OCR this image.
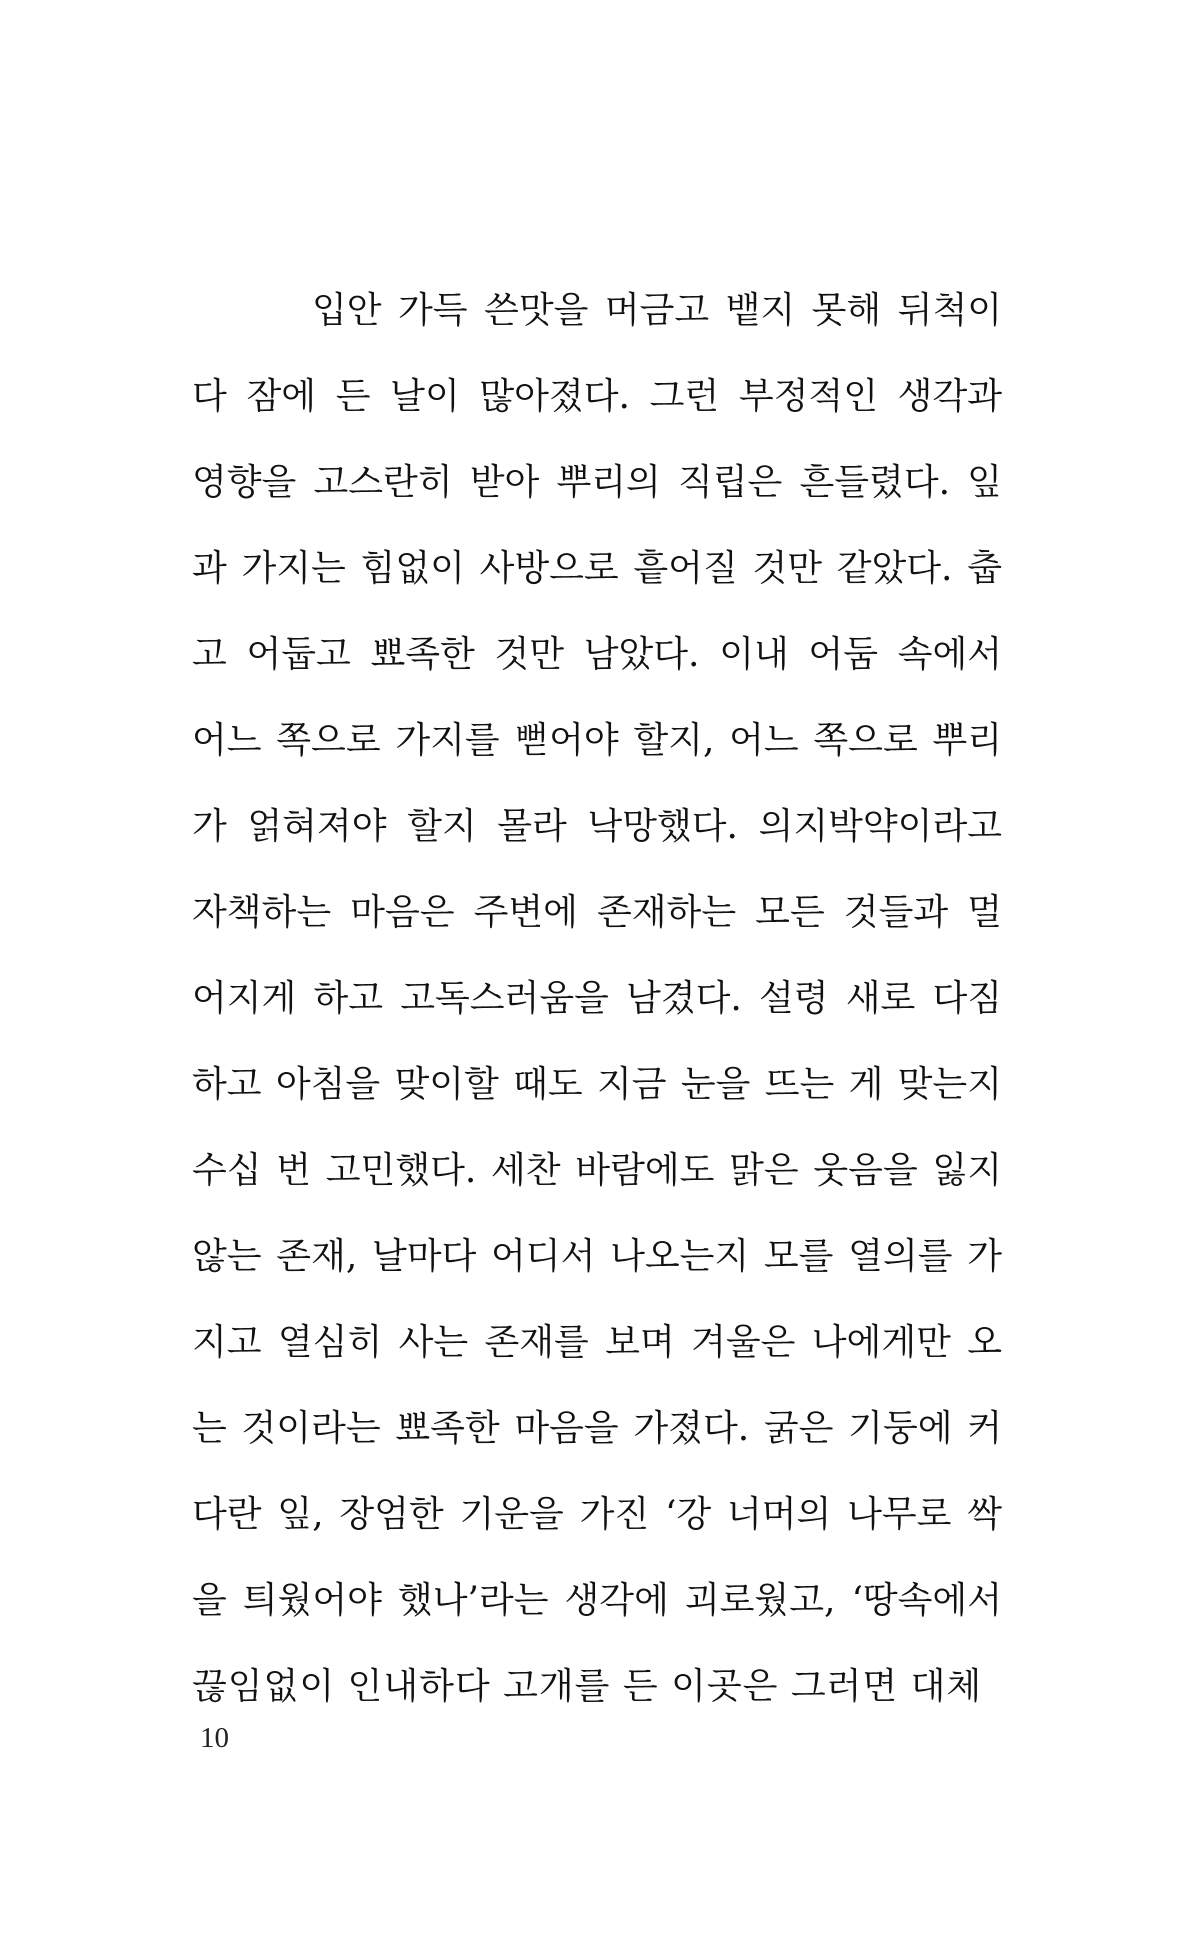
입안 가득 쓴맛을 머금고 뱉지 못해 뒤척이
다 잠에 든 날이 많아졌다. 그런 부정적인 생각과
영향을 고스란히 받아 뿌리의 직립은 흔들렸다. 잎
과 가지는 힘없이 사방으로 흩어질 것만 같았다. 춥
고 어둡고 뾰족한 것만 남았다. 이내 어둠 속에서
어느 쪽으로 가지를 뻗어야 할지, 어느 쪽으로 뿌리
가 얽혀져야 할지 몰라 낙망했다. 의지박약이라고
자책하는 마음은 주변에 존재하는 모든 것들과 멀
어지게 하고 고독스러움을 남겼다. 설령 새로 다짐
하고 아침을 맞이할 때도 지금 눈을 뜨는 게 맞는지
수십 번 고민했다. 세찬 바람에도 맑은 웃음을 잃지
않는 존재, 날마다 어디서 나오는지 모를 열의를 가
지고 열심히 사는 존재를 보며 겨울은 나에게만 오
는 것이라는 뾰족한 마음을 가졌다. 굵은 기둥에 커
다란 잎, 장엄한 기운을 가진 ‘강 너머의 나무로 싹
을 틔웠어야 했나’라는 생각에 괴로웠고, ‘땅속에서
끊임없이 인내하다 고개를 든 이곳은 그러면 대체
10
